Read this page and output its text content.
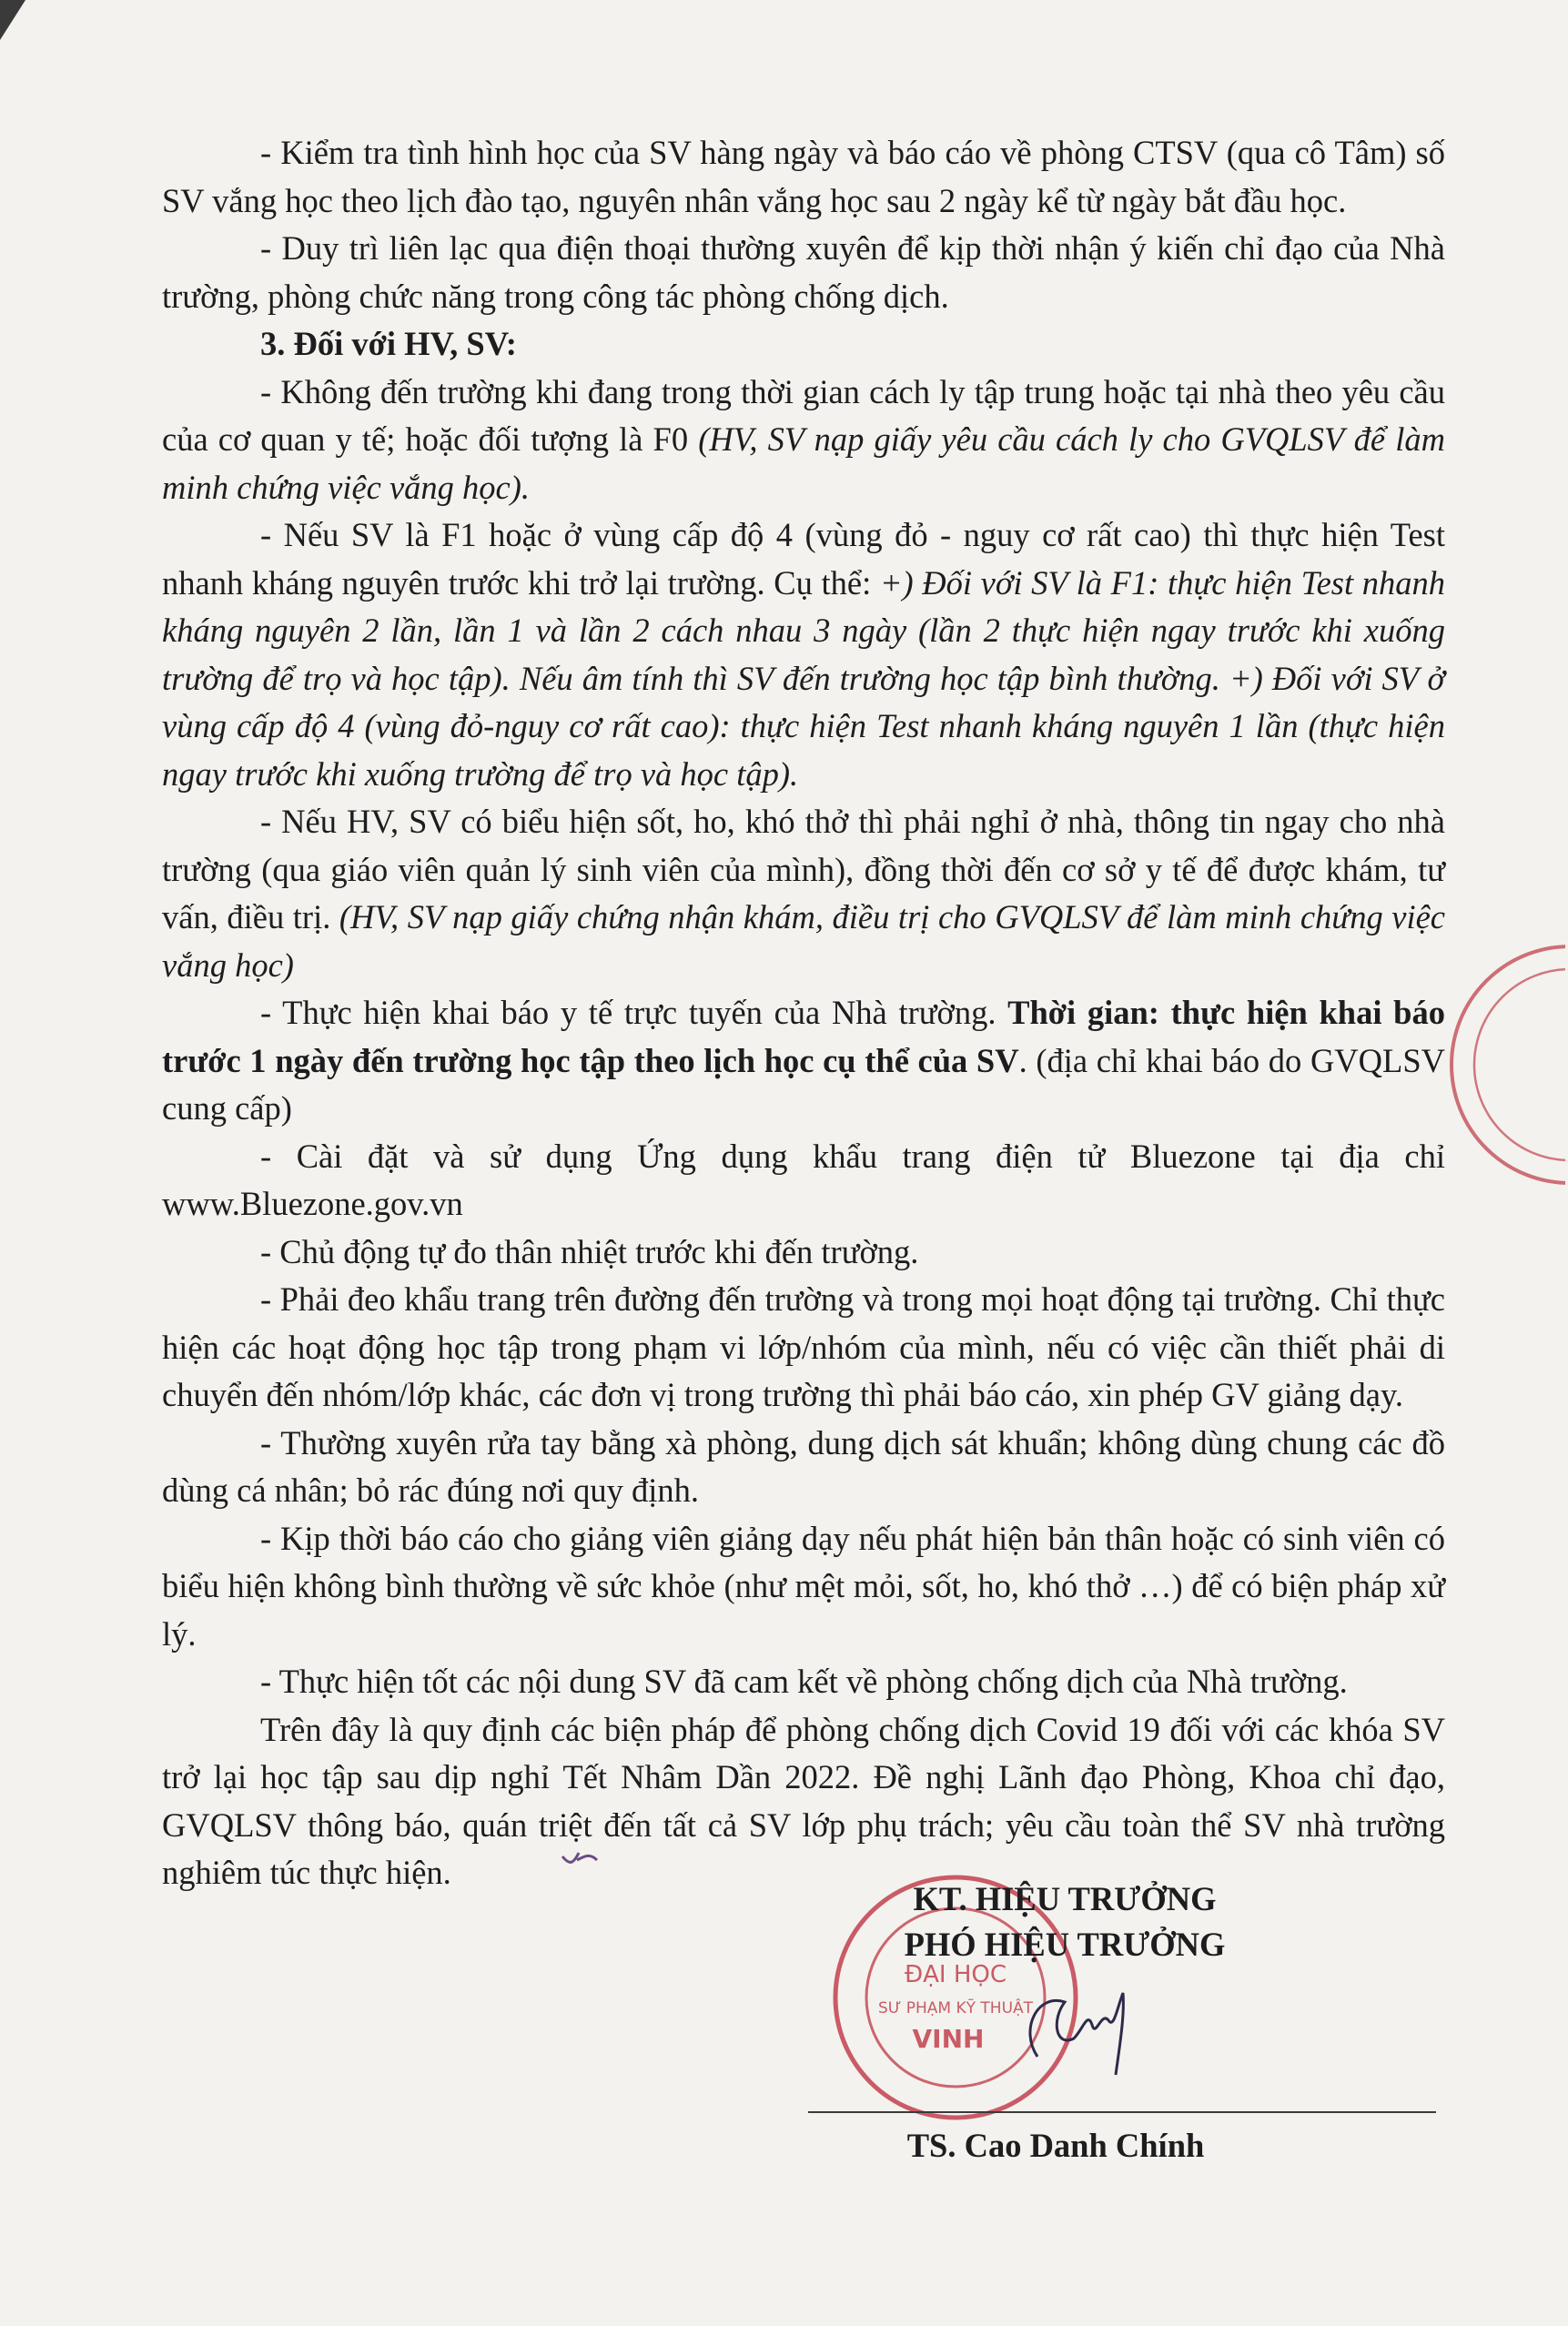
- Kiểm tra tình hình học của SV hàng ngày và báo cáo về phòng CTSV (qua cô Tâm) số SV vắng học theo lịch đào tạo, nguyên nhân vắng học sau 2 ngày kể từ ngày bắt đầu học.

- Duy trì liên lạc qua điện thoại thường xuyên để kịp thời nhận ý kiến chỉ đạo của Nhà trường, phòng chức năng trong công tác phòng chống dịch.

3. Đối với HV, SV:

- Không đến trường khi đang trong thời gian cách ly tập trung hoặc tại nhà theo yêu cầu của cơ quan y tế; hoặc đối tượng là F0 (HV, SV nạp giấy yêu cầu cách ly cho GVQLSV để làm minh chứng việc vắng học).

- Nếu SV là F1 hoặc ở vùng cấp độ 4 (vùng đỏ - nguy cơ rất cao) thì thực hiện Test nhanh kháng nguyên trước khi trở lại trường. Cụ thể: +) Đối với SV là F1: thực hiện Test nhanh kháng nguyên 2 lần, lần 1 và lần 2 cách nhau 3 ngày (lần 2 thực hiện ngay trước khi xuống trường để trọ và học tập). Nếu âm tính thì SV đến trường học tập bình thường. +) Đối với SV ở vùng cấp độ 4 (vùng đỏ-nguy cơ rất cao): thực hiện Test nhanh kháng nguyên 1 lần (thực hiện ngay trước khi xuống trường để trọ và học tập).

- Nếu HV, SV có biểu hiện sốt, ho, khó thở thì phải nghỉ ở nhà, thông tin ngay cho nhà trường (qua giáo viên quản lý sinh viên của mình), đồng thời đến cơ sở y tế để được khám, tư vấn, điều trị. (HV, SV nạp giấy chứng nhận khám, điều trị cho GVQLSV để làm minh chứng việc vắng học)

- Thực hiện khai báo y tế trực tuyến của Nhà trường. Thời gian: thực hiện khai báo trước 1 ngày đến trường học tập theo lịch học cụ thể của SV. (địa chỉ khai báo do GVQLSV cung cấp)

- Cài đặt và sử dụng Ứng dụng khẩu trang điện tử Bluezone tại địa chỉ www.Bluezone.gov.vn

- Chủ động tự đo thân nhiệt trước khi đến trường.

- Phải đeo khẩu trang trên đường đến trường và trong mọi hoạt động tại trường. Chỉ thực hiện các hoạt động học tập trong phạm vi lớp/nhóm của mình, nếu có việc cần thiết phải di chuyển đến nhóm/lớp khác, các đơn vị trong trường thì phải báo cáo, xin phép GV giảng dạy.

- Thường xuyên rửa tay bằng xà phòng, dung dịch sát khuẩn; không dùng chung các đồ dùng cá nhân; bỏ rác đúng nơi quy định.

- Kịp thời báo cáo cho giảng viên giảng dạy nếu phát hiện bản thân hoặc có sinh viên có biểu hiện không bình thường về sức khỏe (như mệt mỏi, sốt, ho, khó thở …) để có biện pháp xử lý.

- Thực hiện tốt các nội dung SV đã cam kết về phòng chống dịch của Nhà trường.

Trên đây là quy định các biện pháp để phòng chống dịch Covid 19 đối với các khóa SV trở lại học tập sau dịp nghỉ Tết Nhâm Dần 2022. Đề nghị Lãnh đạo Phòng, Khoa chỉ đạo, GVQLSV thông báo, quán triệt đến tất cả SV lớp phụ trách; yêu cầu toàn thể SV nhà trường nghiêm túc thực hiện.

ĐẠI HỌC
SƯ PHẠM KỸ THUẬT
VINH
KT. HIỆU TRƯỞNG
PHÓ HIỆU TRƯỞNG
TS. Cao Danh Chính
